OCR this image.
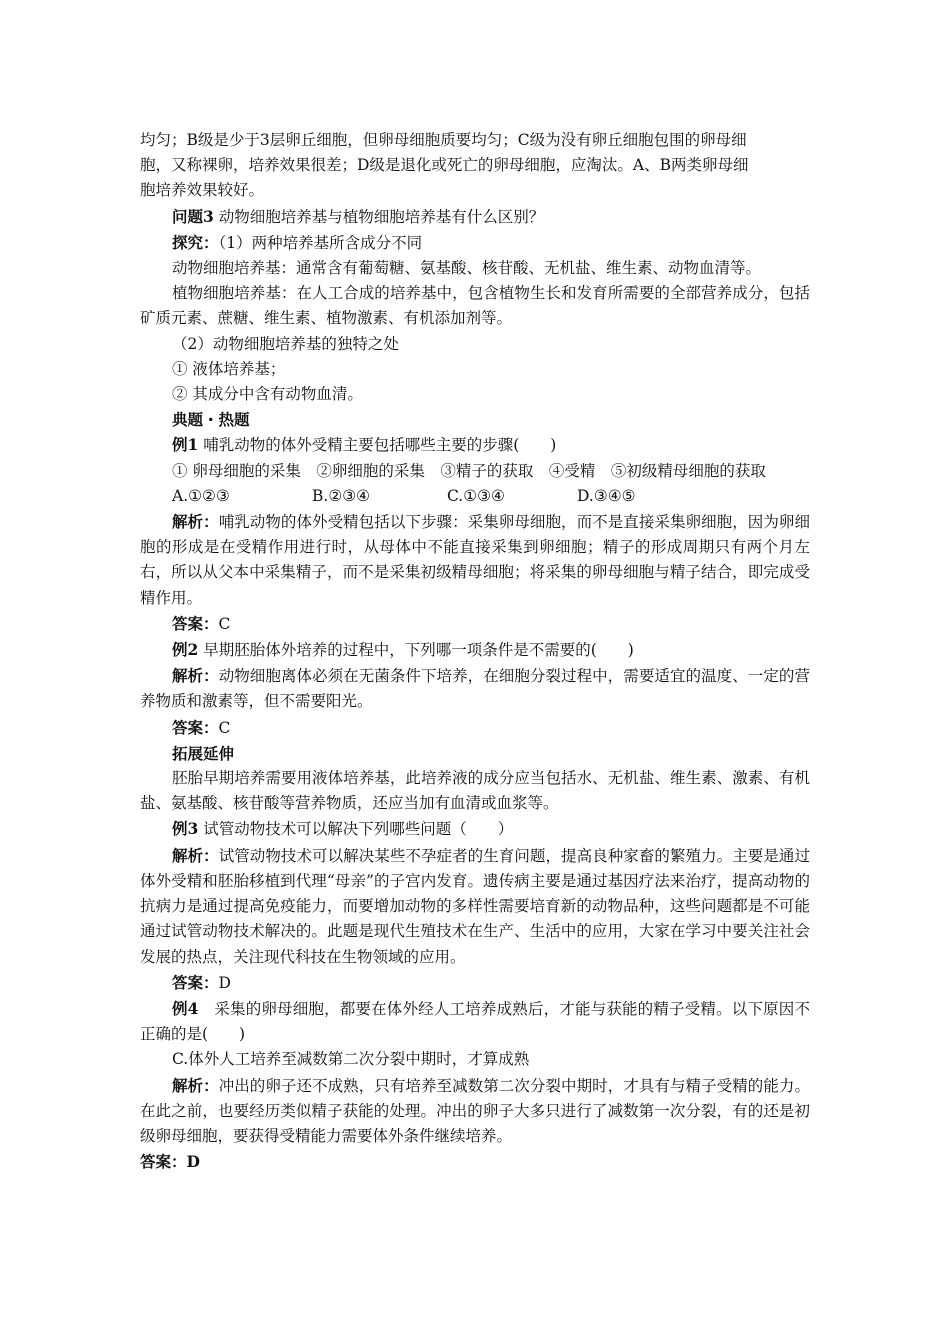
均匀；B级是少于3层卵丘细胞，但卵母细胞质要均匀；C级为没有卵丘细胞包围的卵母细

胞，又称裸卵，培养效果很差；D级是退化或死亡的卵母细胞，应淘汰。A、B两类卵母细

胞培养效果较好。

问题3 动物细胞培养基与植物细胞培养基有什么区别？

探究：（1）两种培养基所含成分不同

动物细胞培养基：通常含有葡萄糖、氨基酸、核苷酸、无机盐、维生素、动物血清等。

植物细胞培养基：在人工合成的培养基中，包含植物生长和发育所需要的全部营养成分，包括矿质元素、蔗糖、维生素、植物激素、有机添加剂等。

（2）动物细胞培养基的独特之处

① 液体培养基；

② 其成分中含有动物血清。

典题・热题

例1 哺乳动物的体外受精主要包括哪些主要的步骤(　　)

① 卵母细胞的采集　②卵细胞的采集　③精子的获取　④受精　⑤初级精母细胞的获取

A.①②③	B.②③④	C.①③④	D.③④⑤

解析：哺乳动物的体外受精包括以下步骤：采集卵母细胞，而不是直接采集卵细胞，因为卵细胞的形成是在受精作用进行时，从母体中不能直接采集到卵细胞；精子的形成周期只有两个月左右，所以从父本中采集精子，而不是采集初级精母细胞；将采集的卵母细胞与精子结合，即完成受精作用。

答案：C

例2 早期胚胎体外培养的过程中，下列哪一项条件是不需要的(　　)

解析：动物细胞离体必须在无菌条件下培养，在细胞分裂过程中，需要适宜的温度、一定的营养物质和激素等，但不需要阳光。

答案：C

拓展延伸

胚胎早期培养需要用液体培养基，此培养液的成分应当包括水、无机盐、维生素、激素、有机盐、氨基酸、核苷酸等营养物质，还应当加有血清或血浆等。

例3 试管动物技术可以解决下列哪些问题（　　）

解析：试管动物技术可以解决某些不孕症者的生育问题，提高良种家畜的繁殖力。主要是通过体外受精和胚胎移植到代理“母亲”的子宫内发育。遗传病主要是通过基因疗法来治疗，提高动物的抗病力是通过提高免疫能力，而要增加动物的多样性需要培育新的动物品种，这些问题都是不可能通过试管动物技术解决的。此题是现代生殖技术在生产、生活中的应用，大家在学习中要关注社会发展的热点，关注现代科技在生物领域的应用。

答案：D

例4　采集的卵母细胞，都要在体外经人工培养成熟后，才能与获能的精子受精。以下原因不正确的是(　　)

C.体外人工培养至减数第二次分裂中期时，才算成熟

解析：冲出的卵子还不成熟，只有培养至减数第二次分裂中期时，才具有与精子受精的能力。在此之前，也要经历类似精子获能的处理。冲出的卵子大多只进行了减数第一次分裂，有的还是初级卵母细胞，要获得受精能力需要体外条件继续培养。

答案：D
